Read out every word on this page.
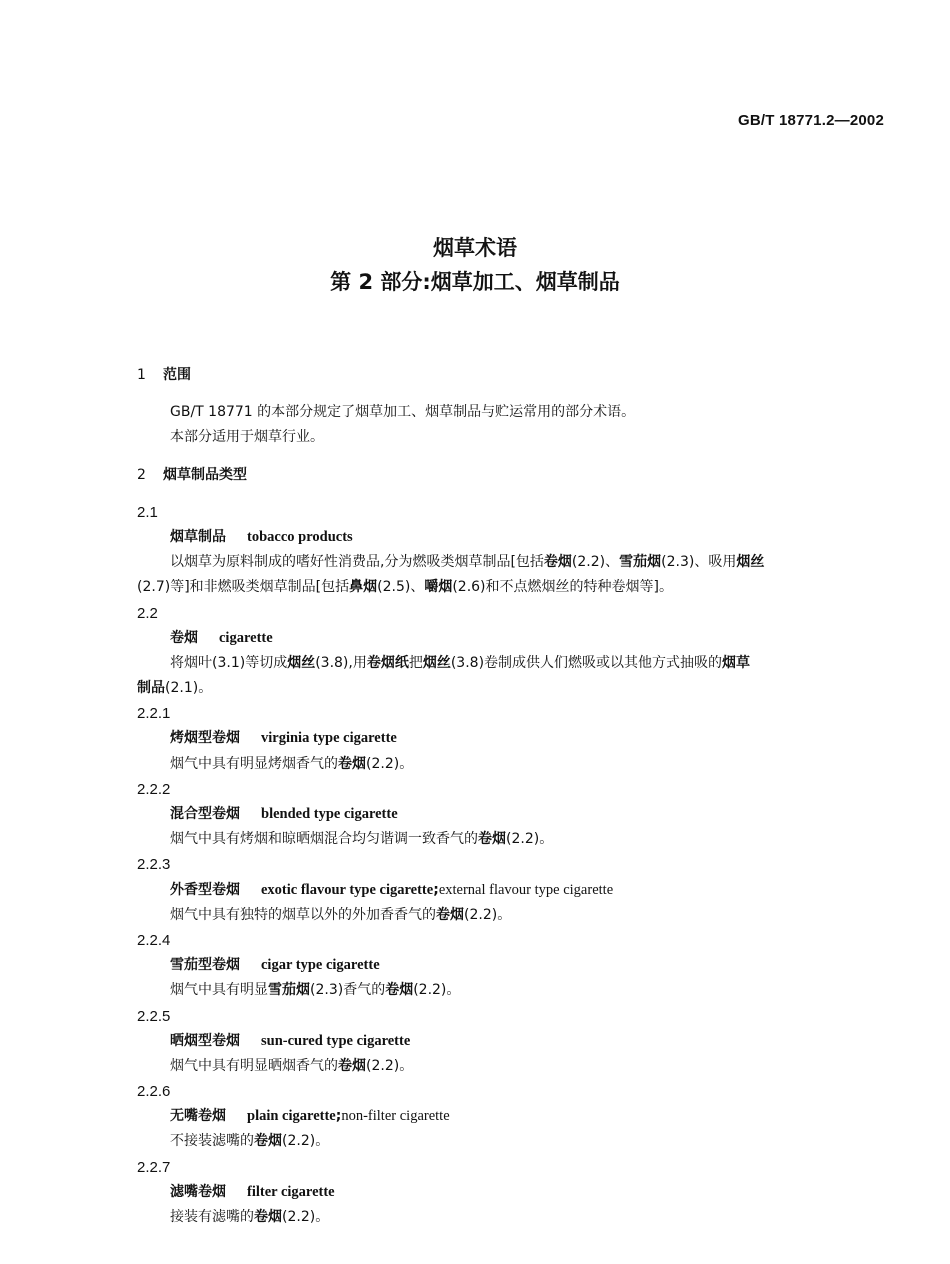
GB/T 18771.2—2002
烟草术语
第 2 部分:烟草加工、烟草制品
1 范围
GB/T 18771 的本部分规定了烟草加工、烟草制品与贮运常用的部分术语。
本部分适用于烟草行业。
2 烟草制品类型
2.1
烟草制品   tobacco products
以烟草为原料制成的嗜好性消费品,分为燃吸类烟草制品[包括卷烟(2.2)、雪茄烟(2.3)、吸用烟丝
(2.7)等]和非燃吸类烟草制品[包括鼻烟(2.5)、嚼烟(2.6)和不点燃烟丝的特种卷烟等]。
2.2
卷烟   cigarette
将烟叶(3.1)等切成烟丝(3.8),用卷烟纸把烟丝(3.8)卷制成供人们燃吸或以其他方式抽吸的烟草
制品(2.1)。
2.2.1
烤烟型卷烟   virginia type cigarette
烟气中具有明显烤烟香气的卷烟(2.2)。
2.2.2
混合型卷烟   blended type cigarette
烟气中具有烤烟和晾晒烟混合均匀谐调一致香气的卷烟(2.2)。
2.2.3
外香型卷烟   exotic flavour type cigarette;external flavour type cigarette
烟气中具有独特的烟草以外的外加香香气的卷烟(2.2)。
2.2.4
雪茄型卷烟   cigar type cigarette
烟气中具有明显雪茄烟(2.3)香气的卷烟(2.2)。
2.2.5
晒烟型卷烟   sun-cured type cigarette
烟气中具有明显晒烟香气的卷烟(2.2)。
2.2.6
无嘴卷烟   plain cigarette;non-filter cigarette
不接装滤嘴的卷烟(2.2)。
2.2.7
滤嘴卷烟   filter cigarette
接装有滤嘴的卷烟(2.2)。
